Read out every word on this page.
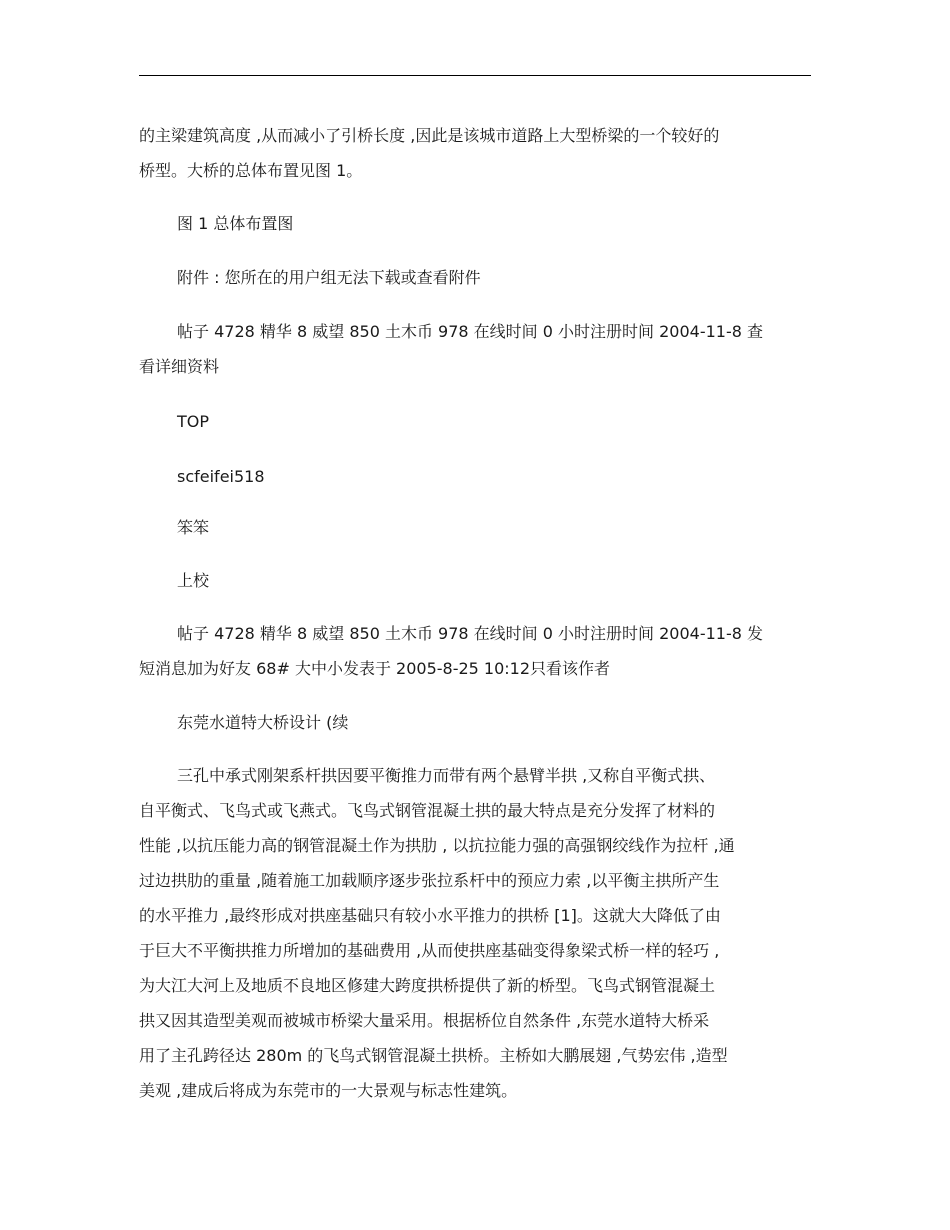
的主梁建筑高度 ,从而减小了引桥长度 ,因此是该城市道路上大型桥梁的一个较好的
桥型。大桥的总体布置见图 1。
图 1 总体布置图
附件 : 您所在的用户组无法下载或查看附件
帖子 4728 精华 8 威望 850 土木币 978 在线时间 0 小时注册时间 2004-11-8 查
看详细资料
TOP
scfeifei518
笨笨
上校
帖子 4728 精华 8 威望 850 土木币 978 在线时间 0 小时注册时间 2004-11-8 发
短消息加为好友 68# 大中小发表于 2005-8-25 10:12只看该作者
东莞水道特大桥设计 (续
三孔中承式刚架系杆拱因要平衡推力而带有两个悬臂半拱 ,又称自平衡式拱、
自平衡式、飞鸟式或飞燕式。飞鸟式钢管混凝土拱的最大特点是充分发挥了材料的
性能 ,以抗压能力高的钢管混凝土作为拱肋 , 以抗拉能力强的高强钢绞线作为拉杆 ,通
过边拱肋的重量 ,随着施工加载顺序逐步张拉系杆中的预应力索 ,以平衡主拱所产生
的水平推力 ,最终形成对拱座基础只有较小水平推力的拱桥 [1]。这就大大降低了由
于巨大不平衡拱推力所增加的基础费用 ,从而使拱座基础变得象梁式桥一样的轻巧 ,
为大江大河上及地质不良地区修建大跨度拱桥提供了新的桥型。飞鸟式钢管混凝土
拱又因其造型美观而被城市桥梁大量采用。根据桥位自然条件 ,东莞水道特大桥采
用了主孔跨径达 280m 的飞鸟式钢管混凝土拱桥。主桥如大鹏展翅 ,气势宏伟 ,造型
美观 ,建成后将成为东莞市的一大景观与标志性建筑。
